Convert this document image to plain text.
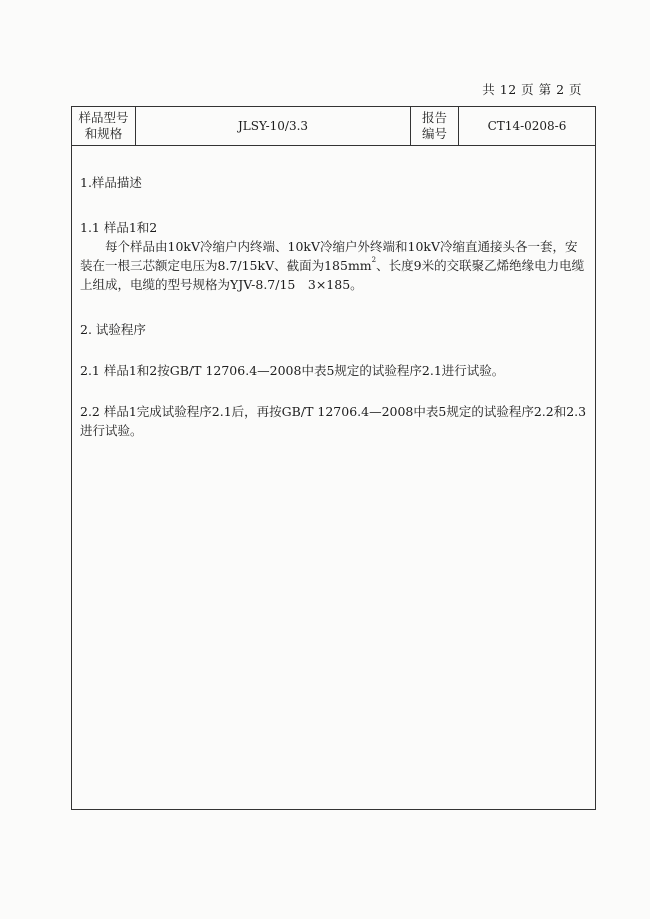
共 12 页 第 2 页
样品型号
和规格	JLSY-10/3.3
报告
编号	CT14-0208-6

1.样品描述

1.1 样品1和2

每个样品由10kV冷缩户内终端、10kV冷缩户外终端和10kV冷缩直通接头各一套，安装在一根三芯额定电压为8.7/15kV、截面为$185mm^2$、长度9米的交联聚乙烯绝缘电力电缆上组成，电缆的型号规格为YJV-8.7/15　3×185。

2. 试验程序

2.1 样品1和2按GB/T 12706.4—2008中表5规定的试验程序2.1进行试验。

2.2 样品1完成试验程序2.1后，再按GB/T 12706.4—2008中表5规定的试验程序2.2和2.3进行试验。
